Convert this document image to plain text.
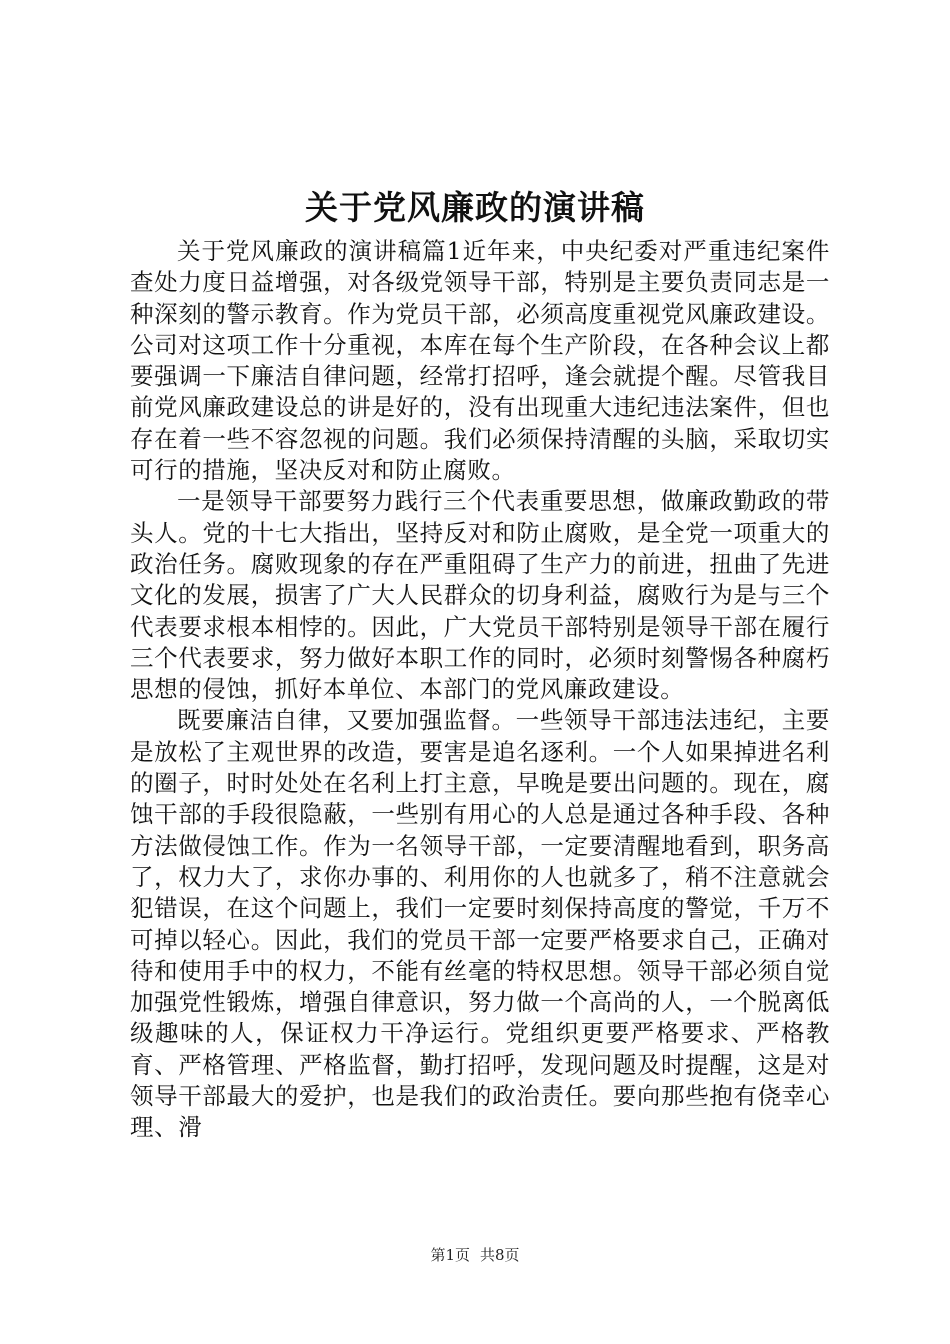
关于党风廉政的演讲稿

关于党风廉政的演讲稿篇1近年来，中央纪委对严重违纪案件查处力度日益增强，对各级党领导干部，特别是主要负责同志是一种深刻的警示教育。作为党员干部，必须高度重视党风廉政建设。公司对这项工作十分重视，本库在每个生产阶段，在各种会议上都要强调一下廉洁自律问题，经常打招呼，逢会就提个醒。尽管我目前党风廉政建设总的讲是好的，没有出现重大违纪违法案件，但也存在着一些不容忽视的问题。我们必须保持清醒的头脑，采取切实可行的措施，坚决反对和防止腐败。

一是领导干部要努力践行三个代表重要思想，做廉政勤政的带头人。党的十七大指出，坚持反对和防止腐败，是全党一项重大的政治任务。腐败现象的存在严重阻碍了生产力的前进，扭曲了先进文化的发展，损害了广大人民群众的切身利益，腐败行为是与三个代表要求根本相悖的。因此，广大党员干部特别是领导干部在履行三个代表要求，努力做好本职工作的同时，必须时刻警惕各种腐朽思想的侵蚀，抓好本单位、本部门的党风廉政建设。

既要廉洁自律，又要加强监督。一些领导干部违法违纪，主要是放松了主观世界的改造，要害是追名逐利。一个人如果掉进名利的圈子，时时处处在名利上打主意，早晚是要出问题的。现在，腐蚀干部的手段很隐蔽，一些别有用心的人总是通过各种手段、各种方法做侵蚀工作。作为一名领导干部，一定要清醒地看到，职务高了，权力大了，求你办事的、利用你的人也就多了，稍不注意就会犯错误，在这个问题上，我们一定要时刻保持高度的警觉，千万不可掉以轻心。因此，我们的党员干部一定要严格要求自己，正确对待和使用手中的权力，不能有丝毫的特权思想。领导干部必须自觉加强党性锻炼，增强自律意识，努力做一个高尚的人，一个脱离低级趣味的人，保证权力干净运行。党组织更要严格要求、严格教育、严格管理、严格监督，勤打招呼，发现问题及时提醒，这是对领导干部最大的爱护，也是我们的政治责任。要向那些抱有侥幸心理、滑

第1页 共8页
